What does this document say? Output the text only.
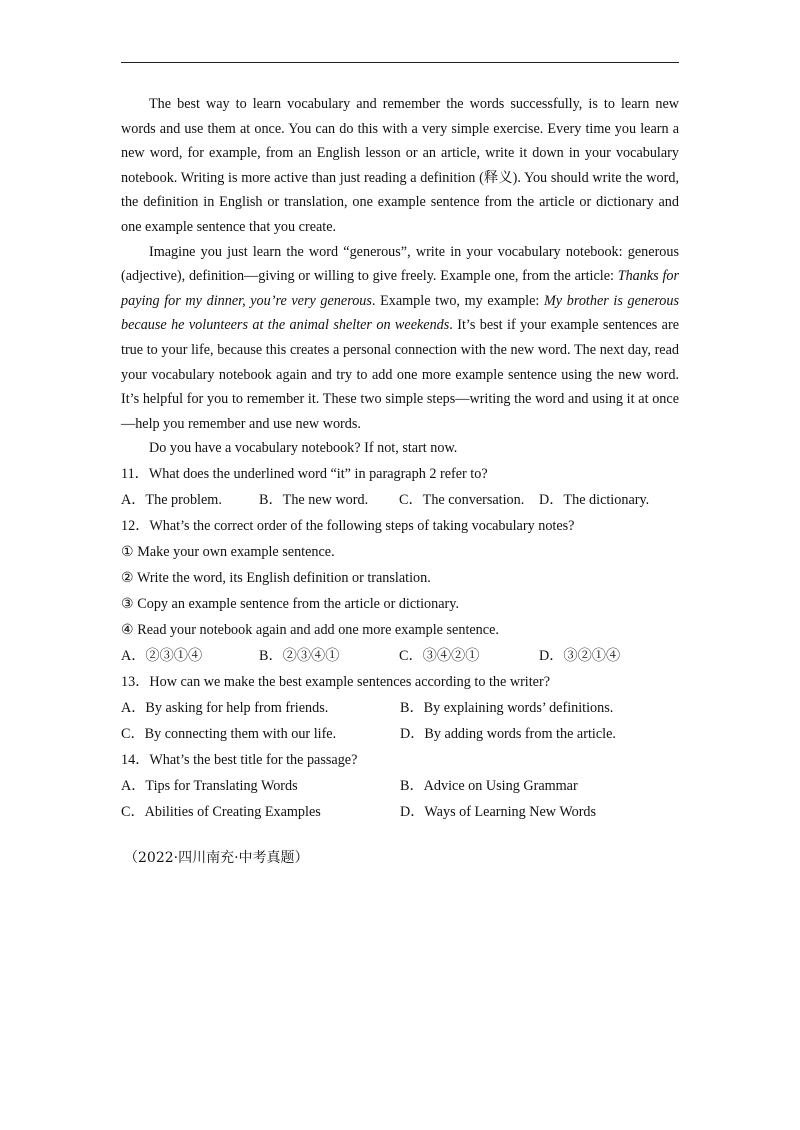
The best way to learn vocabulary and remember the words successfully, is to learn new words and use them at once. You can do this with a very simple exercise. Every time you learn a new word, for example, from an English lesson or an article, write it down in your vocabulary notebook. Writing is more active than just reading a definition (释义). You should write the word, the definition in English or translation, one example sentence from the article or dictionary and one example sentence that you create.

Imagine you just learn the word “generous”, write in your vocabulary notebook: generous (adjective), definition—giving or willing to give freely. Example one, from the article: Thanks for paying for my dinner, you’re very generous. Example two, my example: My brother is generous because he volunteers at the animal shelter on weekends. It’s best if your example sentences are true to your life, because this creates a personal connection with the new word. The next day, read your vocabulary notebook again and try to add one more example sentence using the new word. It’s helpful for you to remember it. These two simple steps—writing the word and using it at once—help you remember and use new words.

Do you have a vocabulary notebook? If not, start now.

11．What does the underlined word “it” in paragraph 2 refer to?
A．The problem.	B．The new word.	C．The conversation.	D．The dictionary.
12．What’s the correct order of the following steps of taking vocabulary notes?
① Make your own example sentence.
② Write the word, its English definition or translation.
③ Copy an example sentence from the article or dictionary.
④ Read your notebook again and add one more example sentence.
A．②③①④	B．②③④①	C．③④②①	D．③②①④
13．How can we make the best example sentences according to the writer?
A．By asking for help from friends.	B．By explaining words’ definitions.
C．By connecting them with our life.	D．By adding words from the article.
14．What’s the best title for the passage?
A．Tips for Translating Words	B．Advice on Using Grammar
C．Abilities of Creating Examples	D．Ways of Learning New Words
（2022·四川南充·中考真题）
